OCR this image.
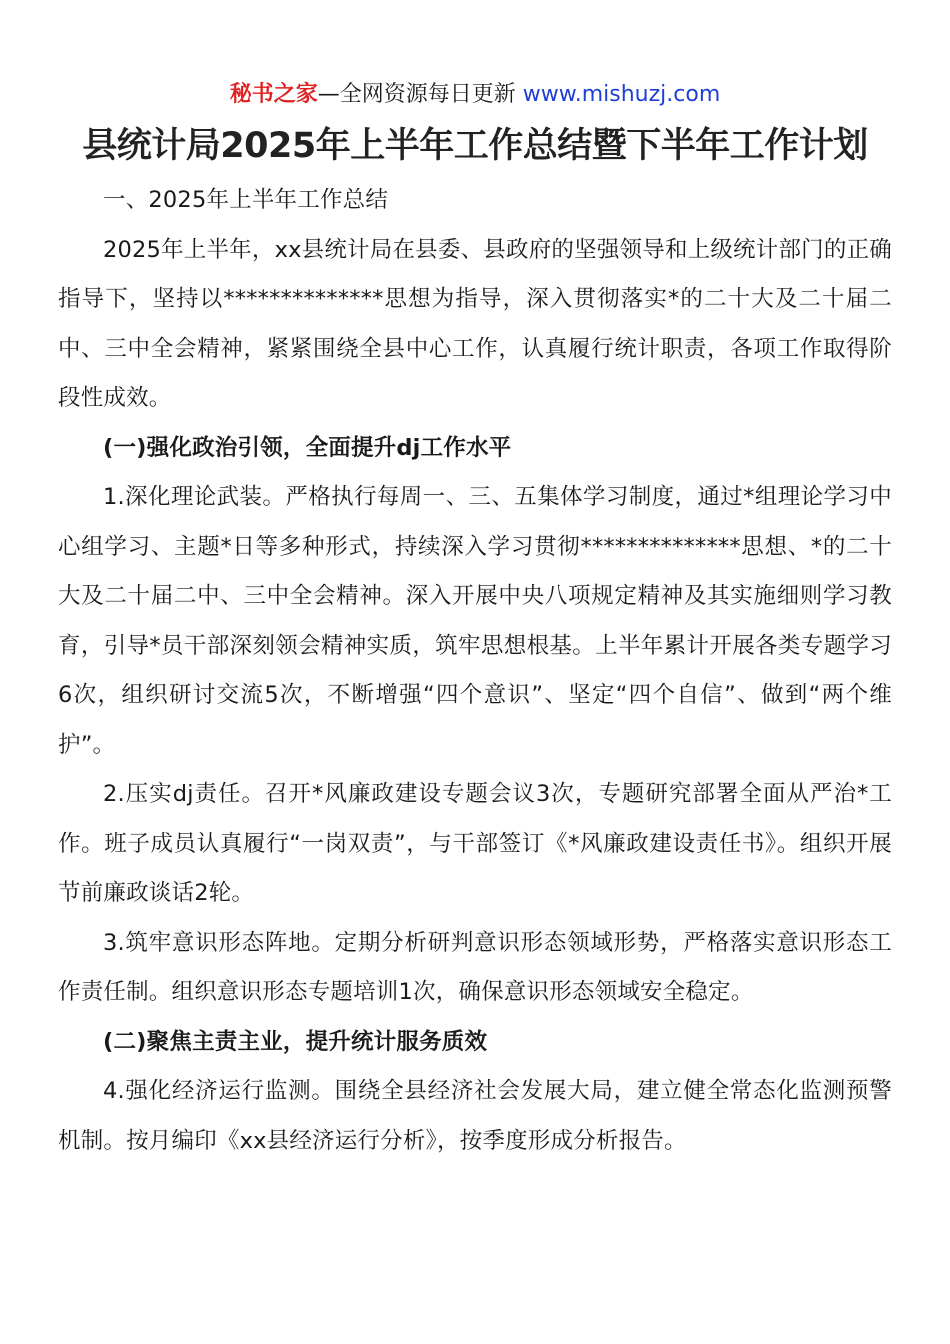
秘书之家—全网资源每日更新 www.mishuzj.com
县统计局2025年上半年工作总结暨下半年工作计划

一、2025年上半年工作总结

2025年上半年，xx县统计局在县委、县政府的坚强领导和上级统计部门的正确指导下，坚持以**************思想为指导，深入贯彻落实*的二十大及二十届二中、三中全会精神，紧紧围绕全县中心工作，认真履行统计职责，各项工作取得阶段性成效。

(一)强化政治引领，全面提升dj工作水平

1.深化理论武装。严格执行每周一、三、五集体学习制度，通过*组理论学习中心组学习、主题*日等多种形式，持续深入学习贯彻**************思想、*的二十大及二十届二中、三中全会精神。深入开展中央八项规定精神及其实施细则学习教育，引导*员干部深刻领会精神实质，筑牢思想根基。上半年累计开展各类专题学习6次，组织研讨交流5次，不断增强“四个意识”、坚定“四个自信”、做到“两个维护”。

2.压实dj责任。召开*风廉政建设专题会议3次，专题研究部署全面从严治*工作。班子成员认真履行“一岗双责”，与干部签订《*风廉政建设责任书》。组织开展节前廉政谈话2轮。

3.筑牢意识形态阵地。定期分析研判意识形态领域形势，严格落实意识形态工作责任制。组织意识形态专题培训1次，确保意识形态领域安全稳定。

(二)聚焦主责主业，提升统计服务质效

4.强化经济运行监测。围绕全县经济社会发展大局，建立健全常态化监测预警机制。按月编印《xx县经济运行分析》，按季度形成分析报告。
